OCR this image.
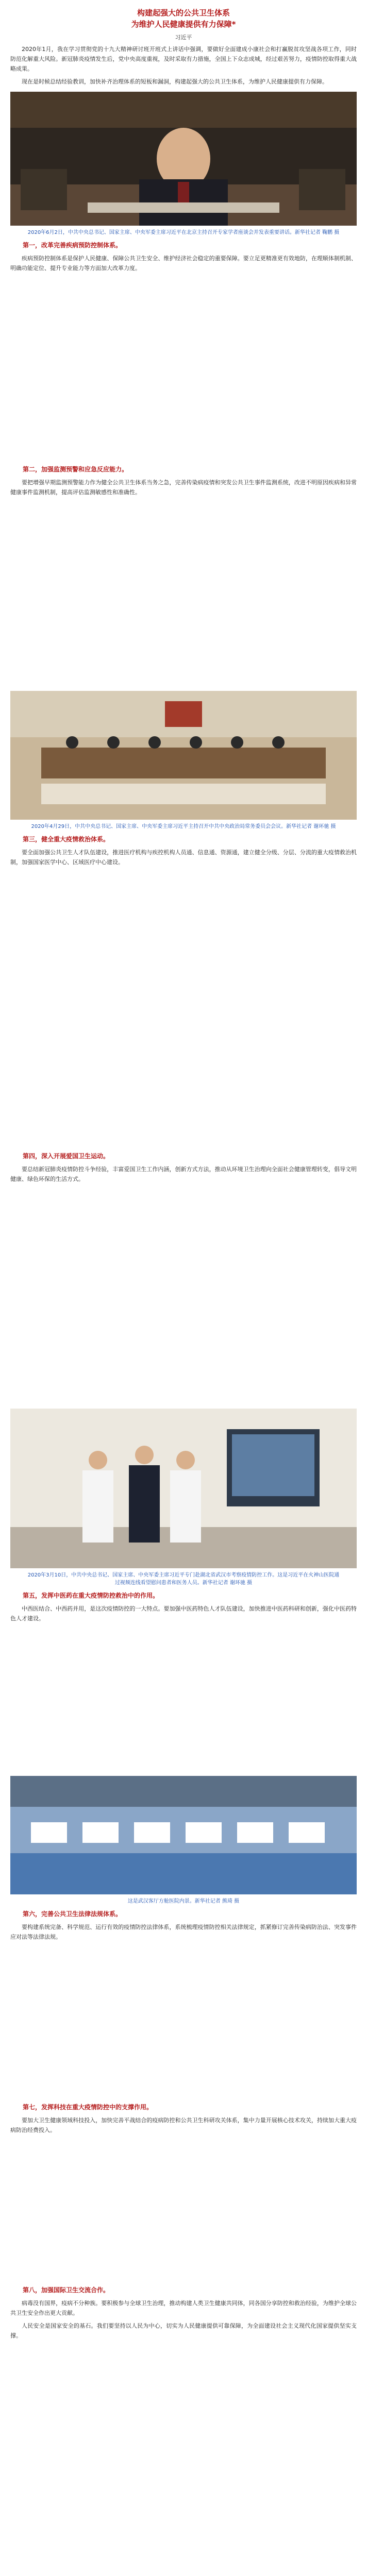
构建起强大的公共卫生体系
为维护人民健康提供有力保障*
习近平

2020年1月，我在学习贯彻党的十九大精神研讨班开班式上讲话中强调，要做好全面建成小康社会和打赢脱贫攻坚战各项工作，同时防范化解重大风险。新冠肺炎疫情发生后，党中央高度重视，及时采取有力措施，全国上下众志成城，经过艰苦努力，疫情防控取得重大战略成果。

现在是时候总结经验教训，加快补齐治理体系的短板和漏洞，构建起强大的公共卫生体系，为维护人民健康提供有力保障。

2020年6月2日，中共中央总书记、国家主席、中央军委主席习近平在北京主持召开专家学者座谈会并发表重要讲话。新华社记者 鞠鹏 摄

第一，改革完善疾病预防控制体系。

疾病预防控制体系是保护人民健康、保障公共卫生安全、维护经济社会稳定的重要保障。要立足更精准更有效地防，在理顺体制机制、明确功能定位、提升专业能力等方面加大改革力度。

第二，加强监测预警和应急反应能力。

要把增强早期监测预警能力作为健全公共卫生体系当务之急，完善传染病疫情和突发公共卫生事件监测系统，改进不明原因疾病和异常健康事件监测机制，提高评估监测敏感性和准确性。

2020年4月29日，中共中央总书记、国家主席、中央军委主席习近平主持召开中共中央政治局常务委员会会议。新华社记者 谢环驰 摄

第三，健全重大疫情救治体系。

要全面加强公共卫生人才队伍建设，推进医疗机构与疾控机构人员通、信息通、资源通，建立健全分级、分层、分流的重大疫情救治机制，加强国家医学中心、区域医疗中心建设。

第四，深入开展爱国卫生运动。

要总结新冠肺炎疫情防控斗争经验，丰富爱国卫生工作内涵，创新方式方法，推动从环境卫生治理向全面社会健康管理转变，倡导文明健康、绿色环保的生活方式。

2020年3月10日，中共中央总书记、国家主席、中央军委主席习近平专门赴湖北省武汉市考察疫情防控工作。这是习近平在火神山医院通过视频连线看望慰问患者和医务人员。新华社记者 谢环驰 摄

第五，发挥中医药在重大疫情防控救治中的作用。

中西医结合、中西药并用，是这次疫情防控的一大特点。要加强中医药特色人才队伍建设，加快推进中医药科研和创新，强化中医药特色人才建设。

这是武汉客厅方舱医院内景。新华社记者 熊琦 摄

第六，完善公共卫生法律法规体系。

要构建系统完备、科学规范、运行有效的疫情防控法律体系，系统梳理疫情防控相关法律规定，抓紧修订完善传染病防治法、突发事件应对法等法律法规。

第七，发挥科技在重大疫情防控中的支撑作用。

要加大卫生健康领域科技投入，加快完善平战结合的疫病防控和公共卫生科研攻关体系，集中力量开展核心技术攻关，持续加大重大疫病防治经费投入。

第八，加强国际卫生交流合作。

病毒没有国界，疫病不分种族。要积极参与全球卫生治理，推动构建人类卫生健康共同体，同各国分享防控和救治经验，为维护全球公共卫生安全作出更大贡献。

人民安全是国家安全的基石。我们要坚持以人民为中心，切实为人民健康提供可靠保障，为全面建设社会主义现代化国家提供坚实支撑。
